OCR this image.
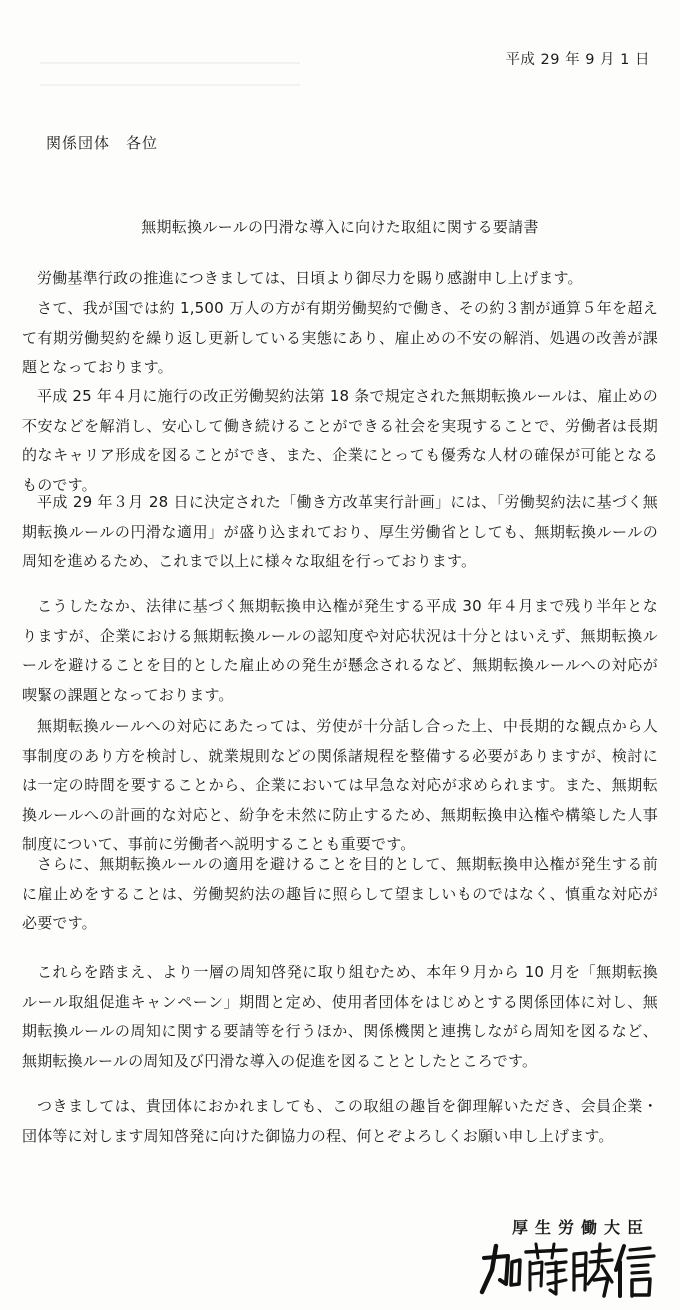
平成 29 年 9 月 1 日
関係団体　各位
無期転換ルールの円滑な導入に向けた取組に関する要請書

労働基準行政の推進につきましては、日頃より御尽力を賜り感謝申し上げます。

さて、我が国では約 1,500 万人の方が有期労働契約で働き、その約３割が通算５年を超えて有期労働契約を繰り返し更新している実態にあり、雇止めの不安の解消、処遇の改善が課題となっております。

平成 25 年４月に施行の改正労働契約法第 18 条で規定された無期転換ルールは、雇止めの不安などを解消し、安心して働き続けることができる社会を実現することで、労働者は長期的なキャリア形成を図ることができ、また、企業にとっても優秀な人材の確保が可能となるものです。

平成 29 年３月 28 日に決定された「働き方改革実行計画」には、「労働契約法に基づく無期転換ルールの円滑な適用」が盛り込まれており、厚生労働省としても、無期転換ルールの周知を進めるため、これまで以上に様々な取組を行っております。

こうしたなか、法律に基づく無期転換申込権が発生する平成 30 年４月まで残り半年となりますが、企業における無期転換ルールの認知度や対応状況は十分とはいえず、無期転換ルールを避けることを目的とした雇止めの発生が懸念されるなど、無期転換ルールへの対応が喫緊の課題となっております。

無期転換ルールへの対応にあたっては、労使が十分話し合った上、中長期的な観点から人事制度のあり方を検討し、就業規則などの関係諸規程を整備する必要がありますが、検討には一定の時間を要することから、企業においては早急な対応が求められます。また、無期転換ルールへの計画的な対応と、紛争を未然に防止するため、無期転換申込権や構築した人事制度について、事前に労働者へ説明することも重要です。

さらに、無期転換ルールの適用を避けることを目的として、無期転換申込権が発生する前に雇止めをすることは、労働契約法の趣旨に照らして望ましいものではなく、慎重な対応が必要です。

これらを踏まえ、より一層の周知啓発に取り組むため、本年９月から 10 月を「無期転換ルール取組促進キャンペーン」期間と定め、使用者団体をはじめとする関係団体に対し、無期転換ルールの周知に関する要請等を行うほか、関係機関と連携しながら周知を図るなど、無期転換ルールの周知及び円滑な導入の促進を図ることとしたところです。

つきましては、貴団体におかれましても、この取組の趣旨を御理解いただき、会員企業・団体等に対します周知啓発に向けた御協力の程、何とぞよろしくお願い申し上げます。

厚生労働大臣
